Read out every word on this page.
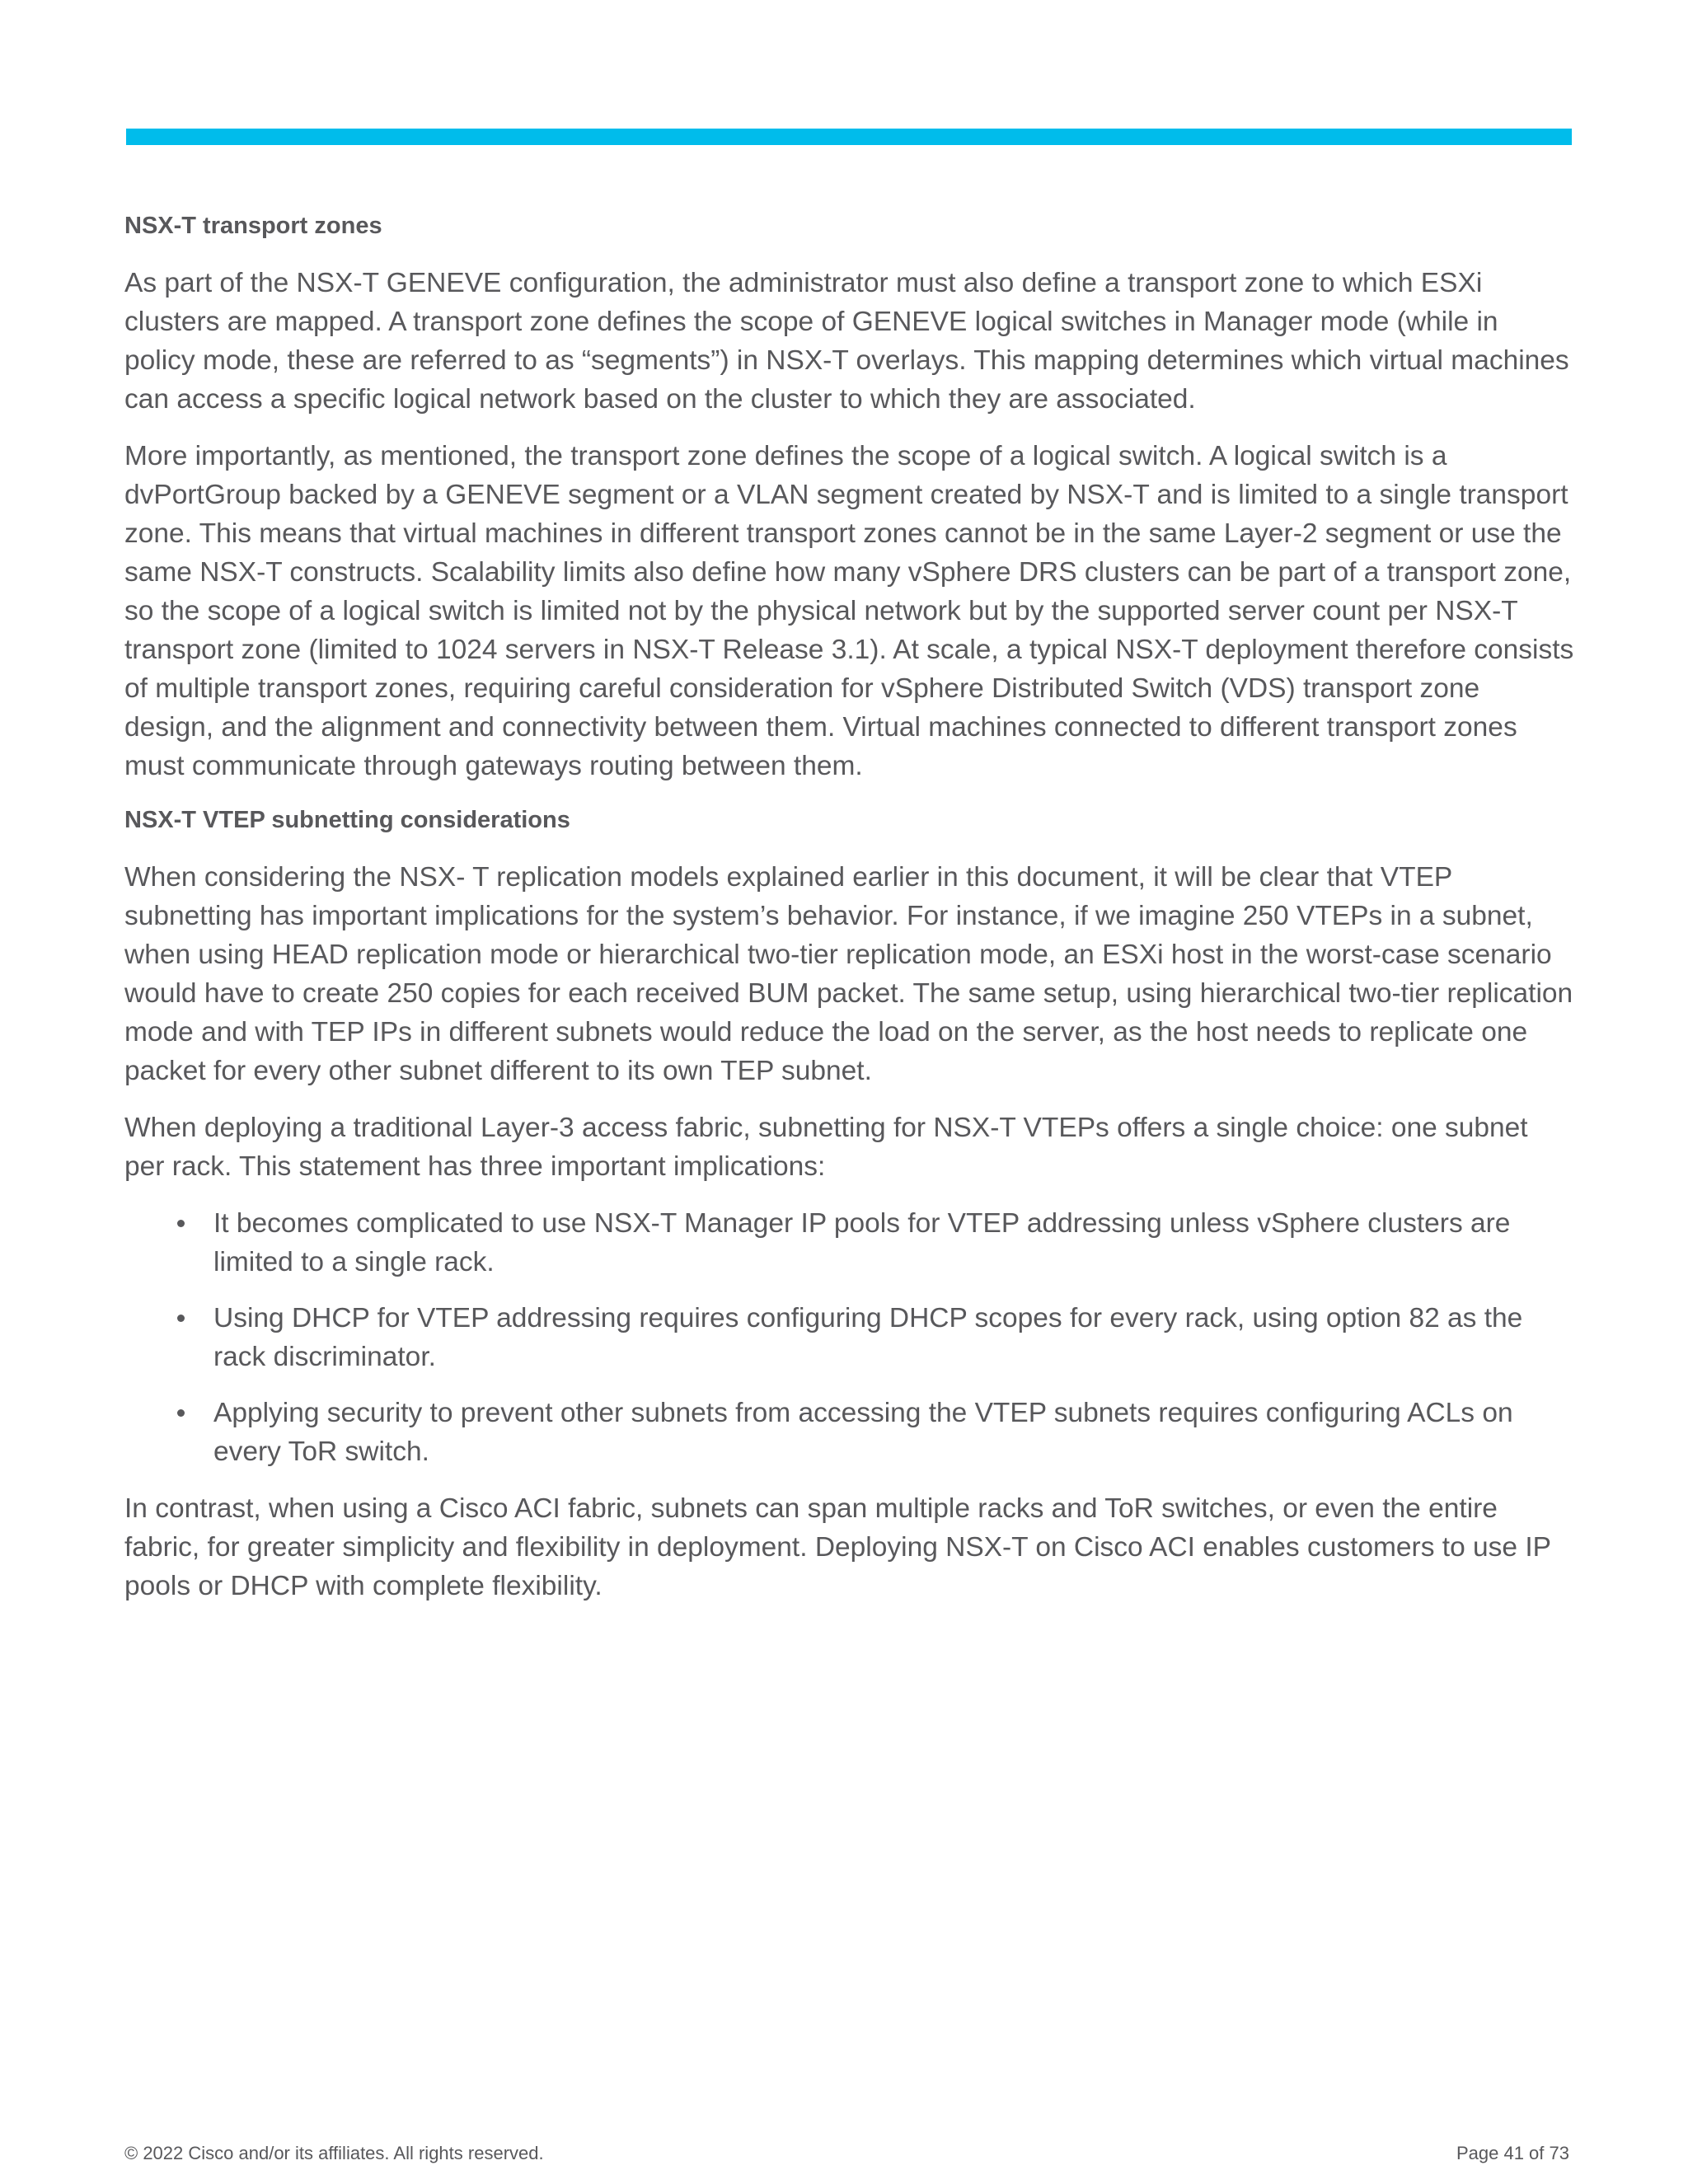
NSX-T transport zones

As part of the NSX-T GENEVE configuration, the administrator must also define a transport zone to which ESXi clusters are mapped. A transport zone defines the scope of GENEVE logical switches in Manager mode (while in policy mode, these are referred to as “segments”) in NSX-T overlays. This mapping determines which virtual machines can access a specific logical network based on the cluster to which they are associated.

More importantly, as mentioned, the transport zone defines the scope of a logical switch. A logical switch is a dvPortGroup backed by a GENEVE segment or a VLAN segment created by NSX-T and is limited to a single transport zone. This means that virtual machines in different transport zones cannot be in the same Layer-2 segment or use the same NSX-T constructs. Scalability limits also define how many vSphere DRS clusters can be part of a transport zone, so the scope of a logical switch is limited not by the physical network but by the supported server count per NSX-T transport zone (limited to 1024 servers in NSX-T Release 3.1). At scale, a typical NSX-T deployment therefore consists of multiple transport zones, requiring careful consideration for vSphere Distributed Switch (VDS) transport zone design, and the alignment and connectivity between them. Virtual machines connected to different transport zones must communicate through gateways routing between them.

NSX-T VTEP subnetting considerations

When considering the NSX- T replication models explained earlier in this document, it will be clear that VTEP subnetting has important implications for the system’s behavior. For instance, if we imagine 250 VTEPs in a subnet, when using HEAD replication mode or hierarchical two-tier replication mode, an ESXi host in the worst-case scenario would have to create 250 copies for each received BUM packet. The same setup, using hierarchical two-tier replication mode and with TEP IPs in different subnets would reduce the load on the server, as the host needs to replicate one packet for every other subnet different to its own TEP subnet.

When deploying a traditional Layer-3 access fabric, subnetting for NSX-T VTEPs offers a single choice: one subnet per rack. This statement has three important implications:

It becomes complicated to use NSX-T Manager IP pools for VTEP addressing unless vSphere clusters are limited to a single rack.
Using DHCP for VTEP addressing requires configuring DHCP scopes for every rack, using option 82 as the rack discriminator.
Applying security to prevent other subnets from accessing the VTEP subnets requires configuring ACLs on every ToR switch.

In contrast, when using a Cisco ACI fabric, subnets can span multiple racks and ToR switches, or even the entire fabric, for greater simplicity and flexibility in deployment. Deploying NSX-T on Cisco ACI enables customers to use IP pools or DHCP with complete flexibility.

© 2022 Cisco and/or its affiliates. All rights reserved.	Page 41 of 73
